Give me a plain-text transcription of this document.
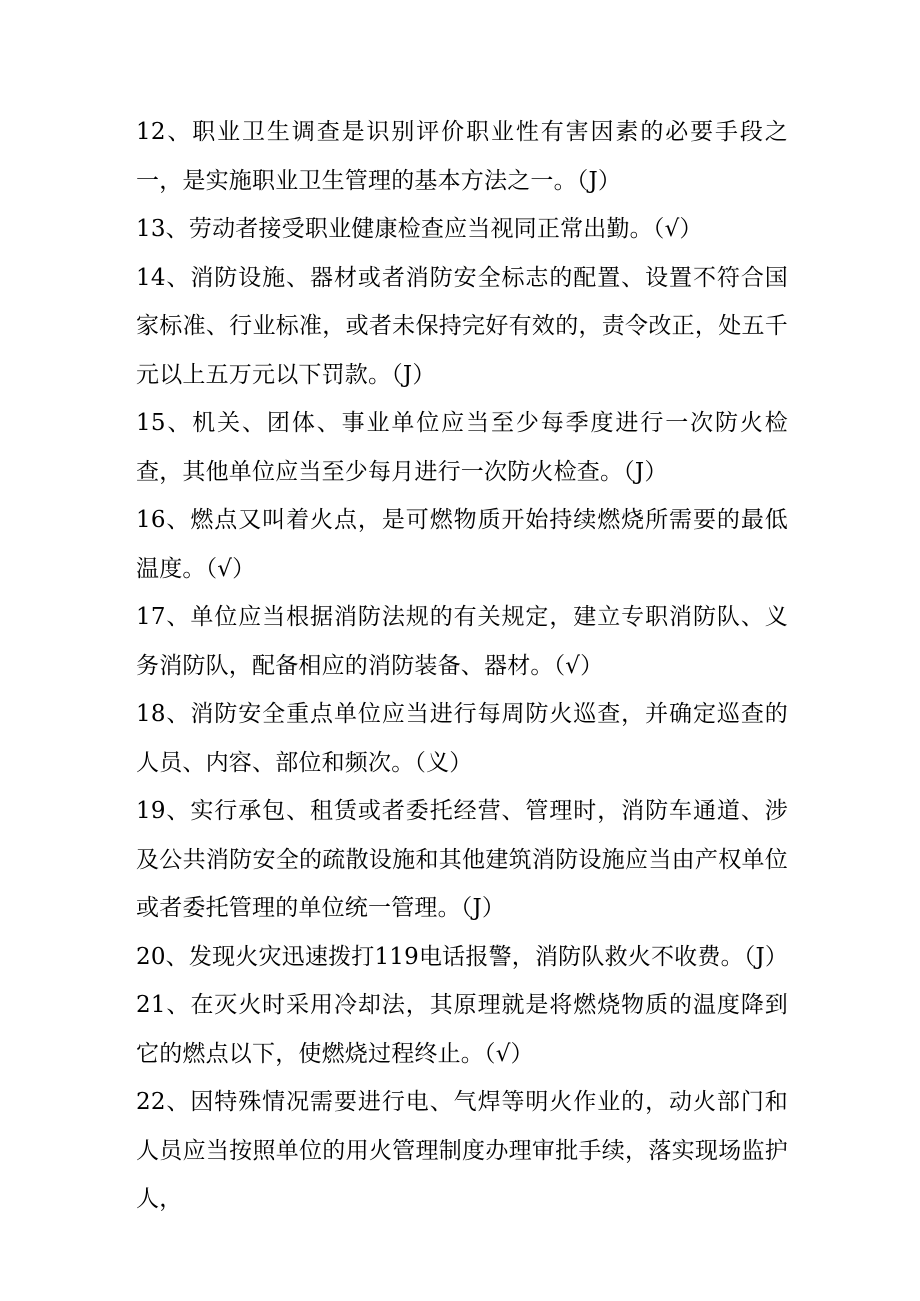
12、职业卫生调查是识别评价职业性有害因素的必要手段之一，是实施职业卫生管理的基本方法之一。（J）

13、劳动者接受职业健康检查应当视同正常出勤。（√）

14、消防设施、器材或者消防安全标志的配置、设置不符合国家标准、行业标准，或者未保持完好有效的，责令改正，处五千元以上五万元以下罚款。（J）

15、机关、团体、事业单位应当至少每季度进行一次防火检查，其他单位应当至少每月进行一次防火检查。（J）

16、燃点又叫着火点，是可燃物质开始持续燃烧所需要的最低温度。（√）

17、单位应当根据消防法规的有关规定，建立专职消防队、义务消防队，配备相应的消防装备、器材。（√）

18、消防安全重点单位应当进行每周防火巡查，并确定巡查的人员、内容、部位和频次。（义）

19、实行承包、租赁或者委托经营、管理时，消防车通道、涉及公共消防安全的疏散设施和其他建筑消防设施应当由产权单位或者委托管理的单位统一管理。（J）

20、发现火灾迅速拨打119电话报警，消防队救火不收费。（J）

21、在灭火时采用冷却法，其原理就是将燃烧物质的温度降到它的燃点以下，使燃烧过程终止。（√）

22、因特殊情况需要进行电、气焊等明火作业的，动火部门和人员应当按照单位的用火管理制度办理审批手续，落实现场监护人，
